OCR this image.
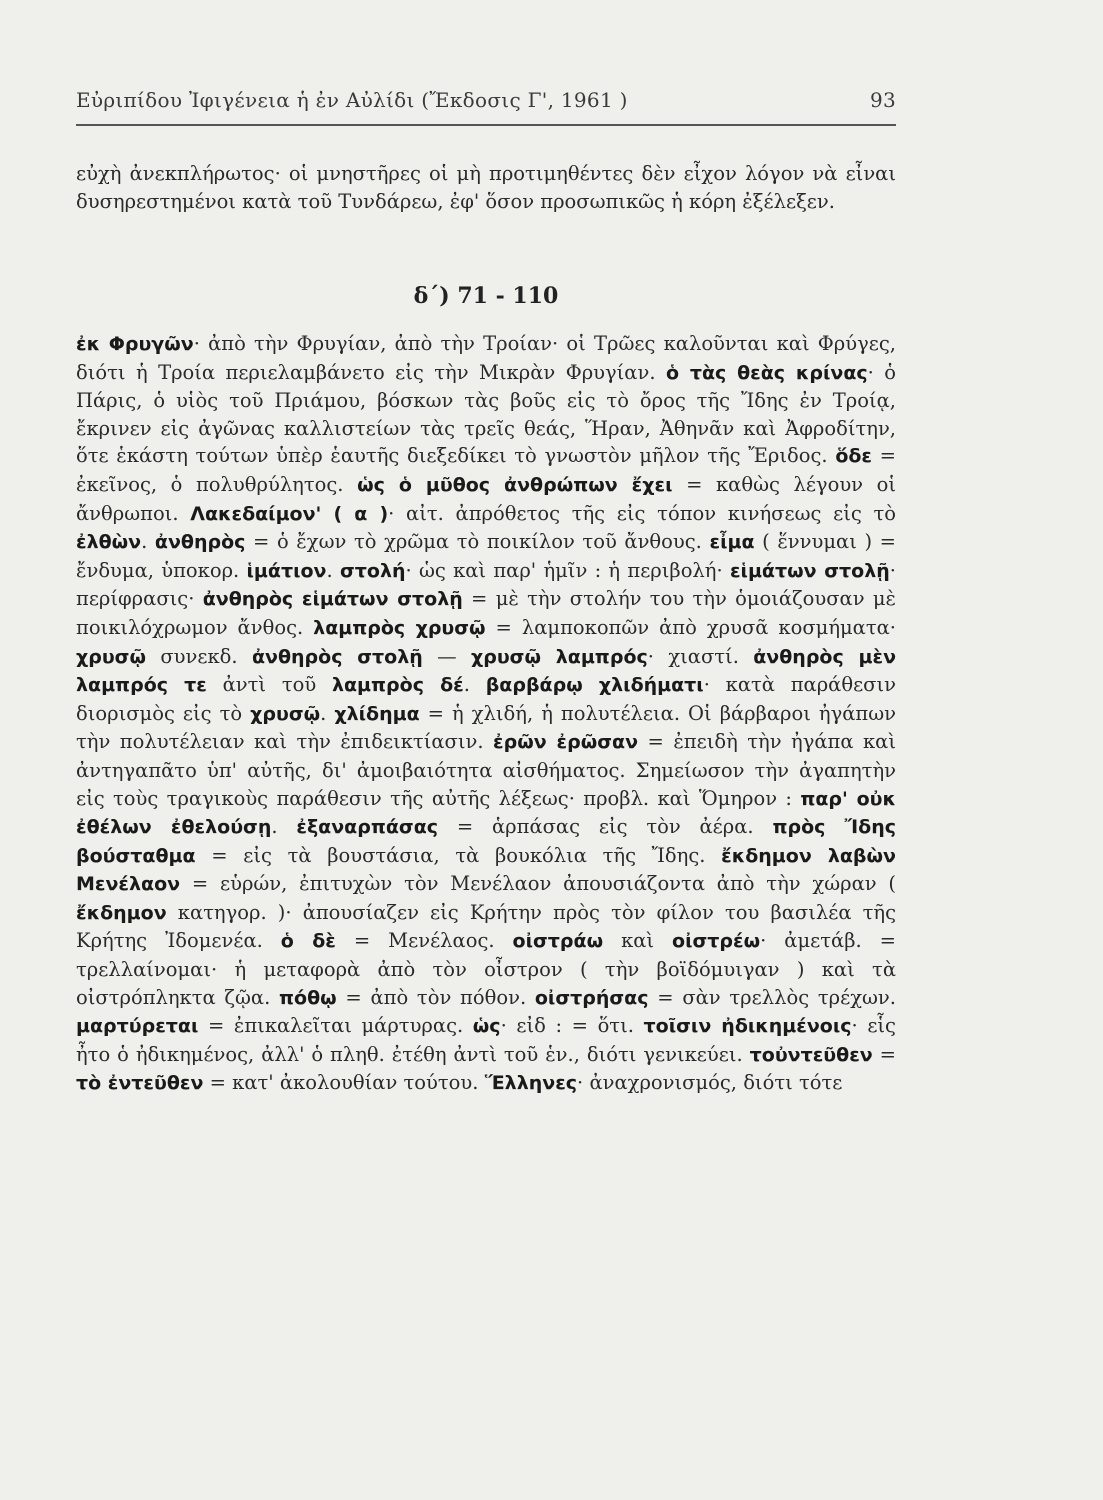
Εὐριπίδου Ἰφιγένεια ἡ ἐν Αὐλίδι (Ἔκδοσις Γ', 1961 )	93
εὐχὴ ἀνεκπλήρωτος· οἱ μνηστῆρες οἱ μὴ προτιμηθέντες δὲν εἶχον λόγον νὰ εἶναι δυσηρεστημένοι κατὰ τοῦ Τυνδάρεω, ἐφ' ὅσον προσωπικῶς ἡ κόρη ἐξέλεξεν.
δ΄) 71 - 110
ἐκ Φρυγῶν· ἀπὸ τὴν Φρυγίαν, ἀπὸ τὴν Τροίαν· οἱ Τρῶες καλοῦνται καὶ Φρύγες, διότι ἡ Τροία περιελαμβάνετο εἰς τὴν Μικρὰν Φρυγίαν. ὁ τὰς θεὰς κρίνας· ὁ Πάρις, ὁ υἱὸς τοῦ Πριάμου, βόσκων τὰς βοῦς εἰς τὸ ὄρος τῆς Ἴδης ἐν Τροίᾳ, ἔκρινεν εἰς ἀγῶνας καλλιστείων τὰς τρεῖς θεάς, Ἥραν, Ἀθηνᾶν καὶ Ἀφροδίτην, ὅτε ἑκάστη τούτων ὑπὲρ ἑαυτῆς διεξεδίκει τὸ γνωστὸν μῆλον τῆς Ἔριδος. ὅδε = ἐκεῖνος, ὁ πολυθρύλητος. ὡς ὁ μῦθος ἀνθρώπων ἔχει = καθὼς λέγουν οἱ ἄνθρωποι. Λακεδαίμον' ( α )· αἰτ. ἀπρόθετος τῆς εἰς τόπον κινήσεως εἰς τὸ ἐλθὼν. ἀνθηρὸς = ὁ ἔχων τὸ χρῶμα τὸ ποικίλον τοῦ ἄνθους. εἶμα ( ἕννυμαι ) = ἔνδυμα, ὑποκορ. ἱμάτιον. στολή· ὡς καὶ παρ' ἡμῖν : ἡ περιβολή· εἱμάτων στολῇ· περίφρασις· ἀνθηρὸς εἱμάτων στολῇ = μὲ τὴν στολήν του τὴν ὁμοιάζουσαν μὲ ποικιλόχρωμον ἄνθος. λαμπρὸς χρυσῷ = λαμποκοπῶν ἀπὸ χρυσᾶ κοσμήματα· χρυσῷ συνεκδ. ἀνθηρὸς στολῇ — χρυσῷ λαμπρός· χιαστί. ἀνθηρὸς μὲν λαμπρός τε ἀντὶ τοῦ λαμπρὸς δέ. βαρβάρῳ χλιδήματι· κατὰ παράθεσιν διορισμὸς εἰς τὸ χρυσῷ. χλίδημα = ἡ χλιδή, ἡ πολυτέλεια. Οἱ βάρβαροι ἠγάπων τὴν πολυτέλειαν καὶ τὴν ἐπιδεικτίασιν. ἐρῶν ἐρῶσαν = ἐπειδὴ τὴν ἠγάπα καὶ ἀντηγαπᾶτο ὑπ' αὐτῆς, δι' ἀμοιβαιότητα αἰσθήματος. Σημείωσον τὴν ἀγαπητὴν εἰς τοὺς τραγικοὺς παράθεσιν τῆς αὐτῆς λέξεως· προβλ. καὶ Ὅμηρον : παρ' οὐκ ἐθέλων ἐθελούσῃ. ἐξαναρπάσας = ἁρπάσας εἰς τὸν ἀέρα. πρὸς Ἴδης βούσταθμα = εἰς τὰ βουστάσια, τὰ βουκόλια τῆς Ἴδης. ἔκδημον λαβὼν Μενέλαον = εὑρών, ἐπιτυχὼν τὸν Μενέλαον ἀπουσιάζοντα ἀπὸ τὴν χώραν ( ἔκδημον κατηγορ. )· ἀπουσίαζεν εἰς Κρήτην πρὸς τὸν φίλον του βασιλέα τῆς Κρήτης Ἰδομενέα. ὁ δὲ = Μενέλαος. οἰστράω καὶ οἰστρέω· ἀμετάβ. = τρελλαίνομαι· ἡ μεταφορὰ ἀπὸ τὸν οἶστρον ( τὴν βοϊδόμυιγαν ) καὶ τὰ οἰστρόπληκτα ζῷα. πόθῳ = ἀπὸ τὸν πόθον. οἰστρήσας = σὰν τρελλὸς τρέχων. μαρτύρεται = ἐπικαλεῖται μάρτυρας. ὡς· εἰδ : = ὅτι. τοῖσιν ἠδικημένοις· εἷς ἦτο ὁ ἠδικημένος, ἀλλ' ὁ πληθ. ἐτέθη ἀντὶ τοῦ ἑν., διότι γενικεύει. τοὐντεῦθεν = τὸ ἐντεῦθεν = κατ' ἀκολουθίαν τούτου. Ἕλληνες· ἀναχρονισμός, διότι τότε
